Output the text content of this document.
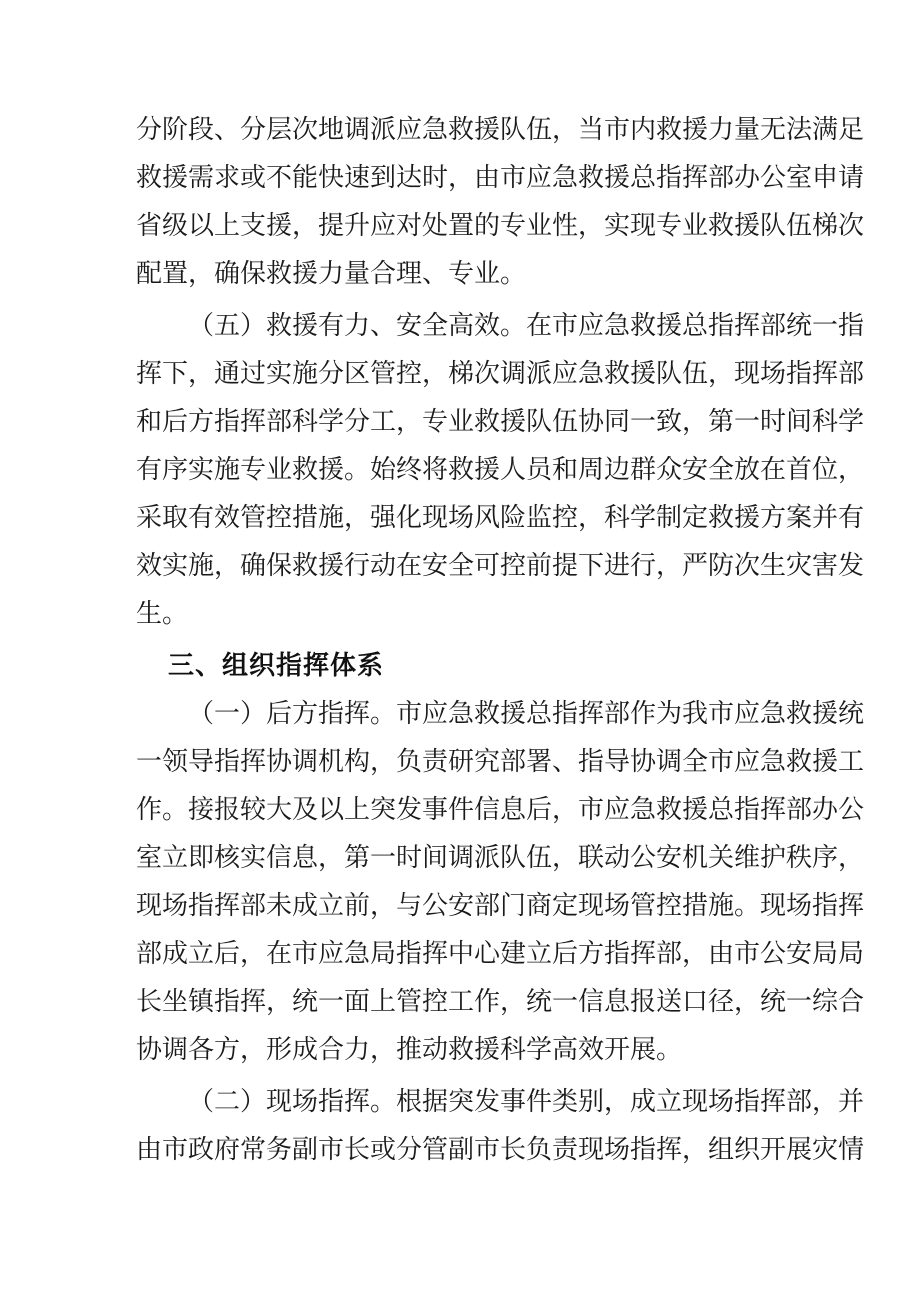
分阶段、分层次地调派应急救援队伍，当市内救援力量无法满足
救援需求或不能快速到达时，由市应急救援总指挥部办公室申请
省级以上支援，提升应对处置的专业性，实现专业救援队伍梯次
配置，确保救援力量合理、专业。
（五）救援有力、安全高效。在市应急救援总指挥部统一指
挥下，通过实施分区管控，梯次调派应急救援队伍，现场指挥部
和后方指挥部科学分工，专业救援队伍协同一致，第一时间科学
有序实施专业救援。始终将救援人员和周边群众安全放在首位，
采取有效管控措施，强化现场风险监控，科学制定救援方案并有
效实施，确保救援行动在安全可控前提下进行，严防次生灾害发
生。
三、组织指挥体系
（一）后方指挥。市应急救援总指挥部作为我市应急救援统
一领导指挥协调机构，负责研究部署、指导协调全市应急救援工
作。接报较大及以上突发事件信息后，市应急救援总指挥部办公
室立即核实信息，第一时间调派队伍，联动公安机关维护秩序，
现场指挥部未成立前，与公安部门商定现场管控措施。现场指挥
部成立后，在市应急局指挥中心建立后方指挥部，由市公安局局
长坐镇指挥，统一面上管控工作，统一信息报送口径，统一综合
协调各方，形成合力，推动救援科学高效开展。
（二）现场指挥。根据突发事件类别，成立现场指挥部，并
由市政府常务副市长或分管副市长负责现场指挥，组织开展灾情
